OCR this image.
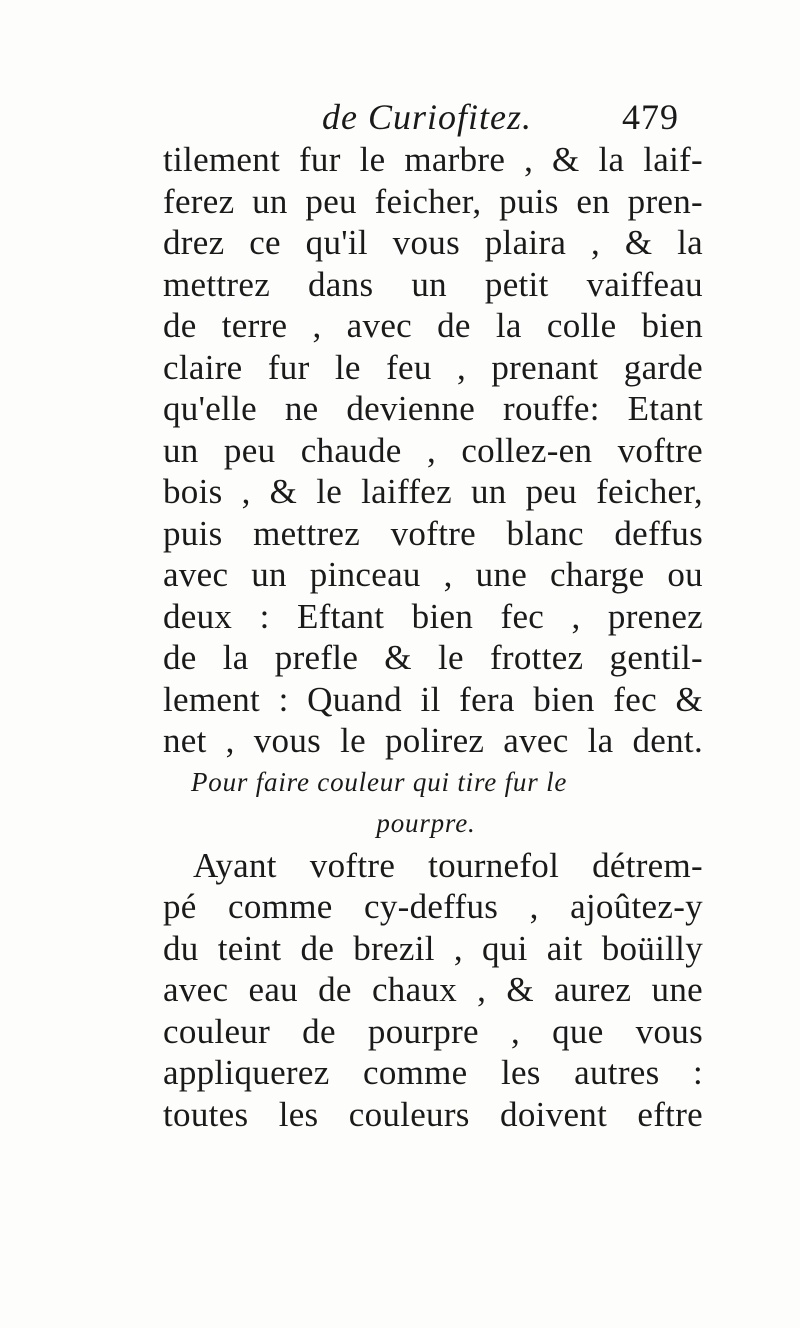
de Curiofitez.	479
tilement fur le marbre , & la laif-
ferez un peu feicher, puis en pren-
drez ce qu'il vous plaira , & la
mettrez dans un petit vaiffeau
de terre , avec de la colle bien
claire fur le feu , prenant garde
qu'elle ne devienne rouffe: Etant
un peu chaude , collez-en voftre
bois , & le laiffez un peu feicher,
puis mettrez voftre blanc deffus
avec un pinceau , une charge ou
deux : Eftant bien fec , prenez
de la prefle & le frottez gentil-
lement : Quand il fera bien fec &
net , vous le polirez avec la dent.
Pour faire couleur qui tire fur le
pourpre.
Ayant voftre tournefol détrem-
pé comme cy-deffus , ajoûtez-y
du teint de brezil , qui ait boüilly
avec eau de chaux , & aurez une
couleur de pourpre , que vous
appliquerez comme les autres :
toutes les couleurs doivent eftre
